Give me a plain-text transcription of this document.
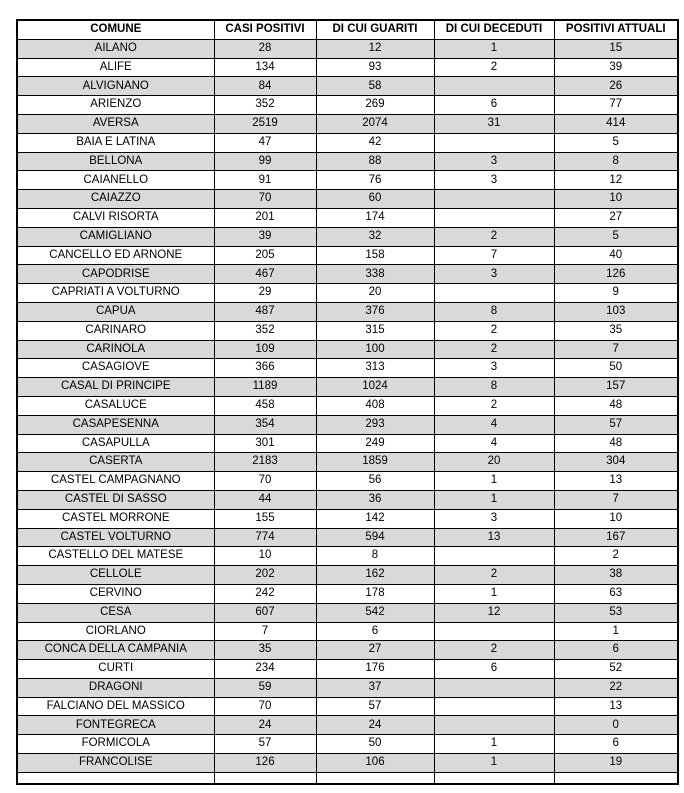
COMUNE	CASI POSITIVI	DI CUI GUARITI	DI CUI DECEDUTI	POSITIVI ATTUALI
AILANO	28	12	1	15
ALIFE	134	93	2	39
ALVIGNANO	84	58		26
ARIENZO	352	269	6	77
AVERSA	2519	2074	31	414
BAIA E LATINA	47	42		5
BELLONA	99	88	3	8
CAIANELLO	91	76	3	12
CAIAZZO	70	60		10
CALVI RISORTA	201	174		27
CAMIGLIANO	39	32	2	5
CANCELLO ED ARNONE	205	158	7	40
CAPODRISE	467	338	3	126
CAPRIATI A VOLTURNO	29	20		9
CAPUA	487	376	8	103
CARINARO	352	315	2	35
CARINOLA	109	100	2	7
CASAGIOVE	366	313	3	50
CASAL DI PRINCIPE	1189	1024	8	157
CASALUCE	458	408	2	48
CASAPESENNA	354	293	4	57
CASAPULLA	301	249	4	48
CASERTA	2183	1859	20	304
CASTEL CAMPAGNANO	70	56	1	13
CASTEL DI SASSO	44	36	1	7
CASTEL MORRONE	155	142	3	10
CASTEL VOLTURNO	774	594	13	167
CASTELLO DEL MATESE	10	8		2
CELLOLE	202	162	2	38
CERVINO	242	178	1	63
CESA	607	542	12	53
CIORLANO	7	6		1
CONCA DELLA CAMPANIA	35	27	2	6
CURTI	234	176	6	52
DRAGONI	59	37		22
FALCIANO DEL MASSICO	70	57		13
FONTEGRECA	24	24		0
FORMICOLA	57	50	1	6
FRANCOLISE	126	106	1	19
